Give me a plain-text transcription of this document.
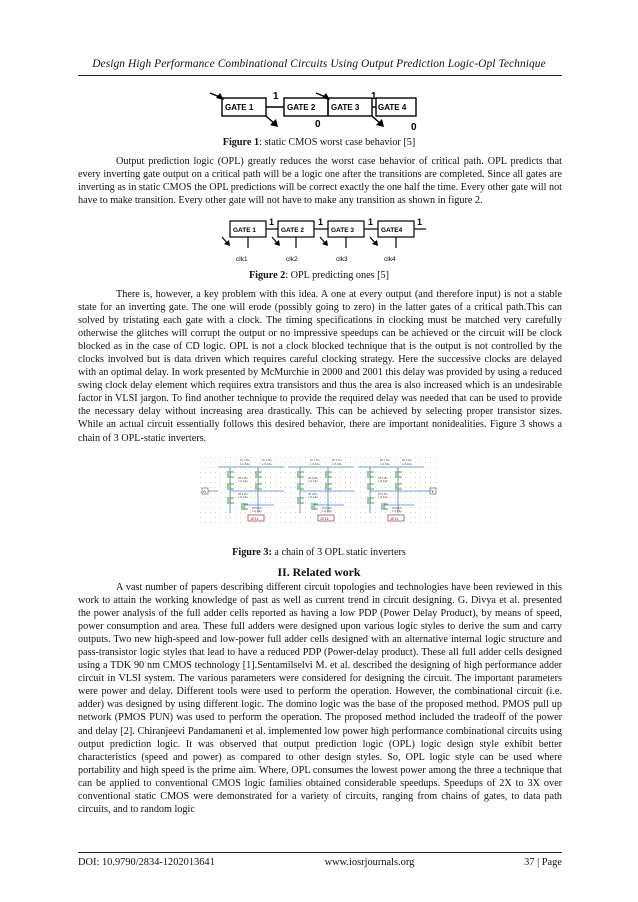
Design High Performance Combinational Circuits Using Output Prediction Logic-Opl Technique
GATE 1	GATE 2 GATE 3 GATE 4
1
0
1
0
Figure 1: static CMOS worst case behavior [5]
Output prediction logic (OPL) greatly reduces the worst case behavior of critical path. OPL predicts that every inverting gate output on a critical path will be a logic one after the transitions are completed. Since all gates are inverting as in static CMOS the OPL predictions will be correct exactly the one half the time. Every other gate will not have to make transition. Every other gate will not have to make any transition as shown in figure 2.
GATE 1	GATE 2	GATE 3	GATE4
1	1	1	1
clk1	clk2	clk3	clk4
Figure 2: OPL predicting ones [5]
There is, however, a key problem with this idea. A one at every output (and therefore input) is not a stable state for an inverting gate. The one will erode (possibly going to zero) in the latter gates of a critical path.This can solved by tristating each gate with a clock. The timing specifications in clocking must be matched very carefully otherwise the glitches will corrupt the output or no impressive speedups can be achieved or the circuit will be clock blocked as in the case of CD logic. OPL is not a clock blocked technique that is the output is not controlled by the clocks involved but is data driven which requires careful clocking strategy. Here the successive clocks are delayed with an optimal delay. In work presented by McMurchie in 2000 and 2001 this delay was provided by using a reduced swing clock delay element which requires extra transistors and thus the area is also increased which is an undesirable factor in VLSI jargon. To find another technique to provide the required delay was needed that can be used to provide the necessary delay without increasing area drastically. This can be achieved by selecting proper transistor sizes. While an actual circuit essentially follows this desired behavior, there are important nonidealities. Figure 3 shows a chain of 3 OPL-static inverters.
A	Y
Figure 3: a chain of 3 OPL static inverters
II. Related work
A vast number of papers describing different circuit topologies and technologies have been reviewed in this work to attain the working knowledge of past as well as current trend in circuit designing. G. Divya et al. presented the power analysis of the full adder cells reported as having a low PDP (Power Delay Product), by means of speed, power consumption and area. These full adders were designed upon various logic styles to derive the sum and carry outputs. Two new high-speed and low-power full adder cells designed with an alternative internal logic structure and pass-transistor logic styles that lead to have a reduced PDP (Power-delay product). These all full adder cells designed using a TDK 90 nm CMOS technology [1].Sentamilselvi M. et al. described the designing of high performance adder circuit in VLSI system. The various parameters were considered for designing the circuit. The important parameters were power and delay. Different tools were used to perform the operation. However, the combinational circuit (i.e. adder) was designed by using different logic. The domino logic was the base of the proposed method. PMOS pull up network (PMOS PUN) was used to perform the operation. The proposed method included the tradeoff of the power and delay [2]. Chiranjeevi Pandamaneni et al. implemented low power high performance combinational circuits using output prediction logic. It was observed that output prediction logic (OPL) logic design style exhibit better characteristics (speed and power) as compared to other design styles. So, OPL logic style can be used where portability and high speed is the prime aim. Where, OPL consumes the lowest power among the three a technique that can be applied to conventional CMOS logic families obtained considerable speedups. Speedups of 2X to 3X over conventional static CMOS were demonstrated for a variety of circuits, ranging from chains of gates, to data path circuits, and to random logic
DOI: 10.9790/2834-1202013641	www.iosrjournals.org	37 | Page
